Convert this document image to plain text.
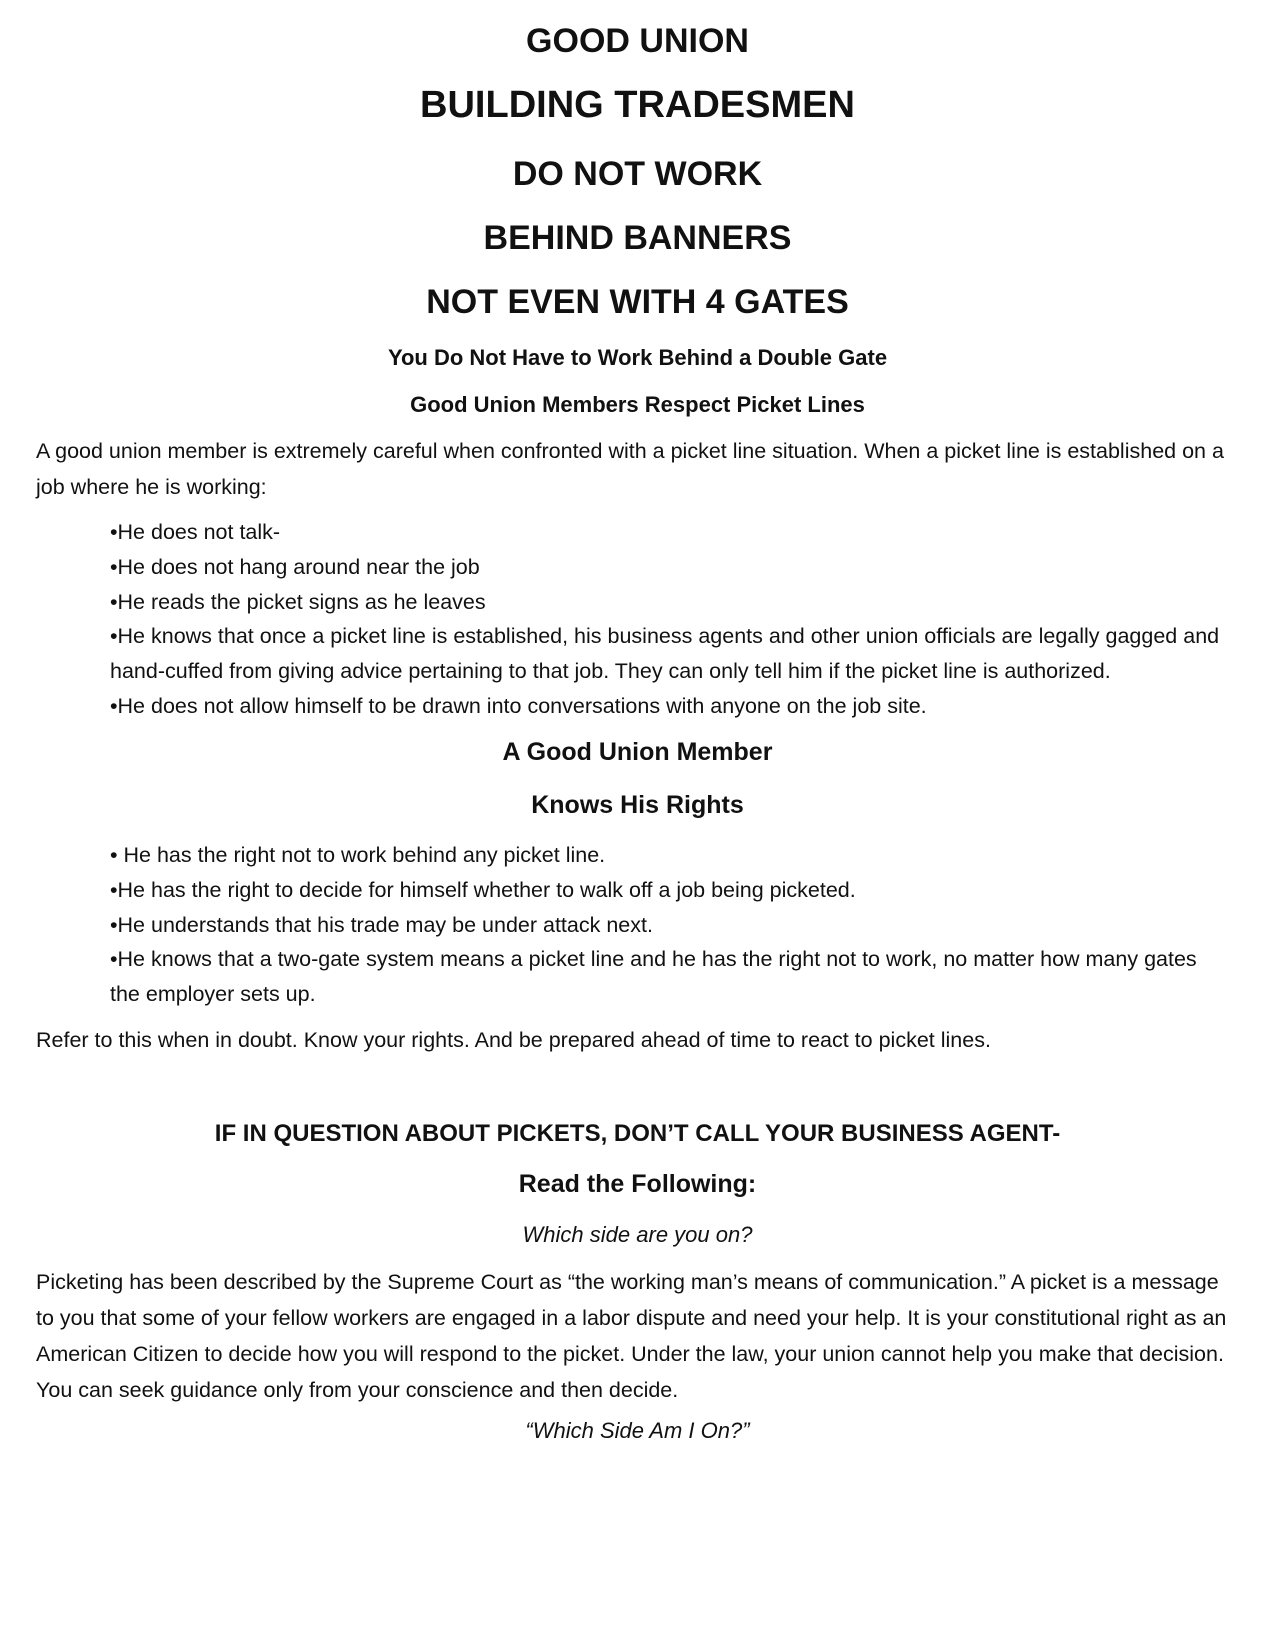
GOOD UNION
BUILDING TRADESMEN
DO NOT WORK
BEHIND BANNERS
NOT EVEN WITH 4 GATES
You Do Not Have to Work Behind a Double Gate
Good Union Members Respect Picket Lines

A good union member is extremely careful when confronted with a picket line situation. When a picket line is established on a job where he is working:

•He does not talk-
•He does not hang around near the job
•He reads the picket signs as he leaves
•He knows that once a picket line is established, his business agents and other union officials are legally gagged and hand-cuffed from giving advice pertaining to that job. They can only tell him if the picket line is authorized.
•He does not allow himself to be drawn into conversations with anyone on the job site.
A Good Union Member
Knows His Rights
• He has the right not to work behind any picket line.
•He has the right to decide for himself whether to walk off a job being picketed.
•He understands that his trade may be under attack next.
•He knows that a two-gate system means a picket line and he has the right not to work, no matter how many gates the employer sets up.

Refer to this when in doubt. Know your rights. And be prepared ahead of time to react to picket lines.

IF IN QUESTION ABOUT PICKETS, DON’T CALL YOUR BUSINESS AGENT-
Read the Following:
Which side are you on?

Picketing has been described by the Supreme Court as “the working man’s means of communication.” A picket is a message to you that some of your fellow workers are engaged in a labor dispute and need your help. It is your constitutional right as an American Citizen to decide how you will respond to the picket. Under the law, your union cannot help you make that decision. You can seek guidance only from your conscience and then decide.

“Which Side Am I On?”
